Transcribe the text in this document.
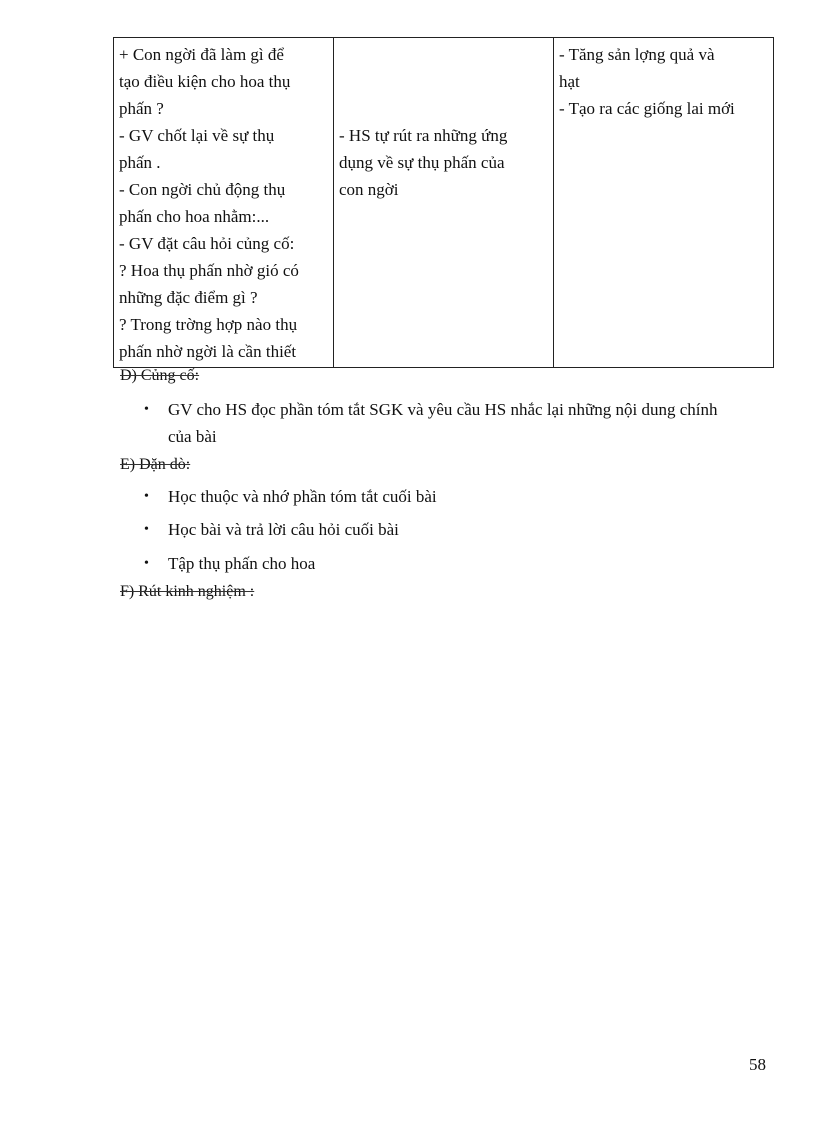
+ Con ngời đã làm gì để
tạo điều kiện cho hoa thụ
phấn ?
- GV chốt lại về sự thụ
phấn .
- Con ngời chủ động thụ
phấn cho hoa nhằm:...
- GV đặt câu hỏi củng cố:
? Hoa thụ phấn nhờ gió có
những đặc điểm gì ?
? Trong trờng hợp nào thụ
phấn nhờ ngời là cần thiết

- HS tự rút ra những ứng
dụng về sự thụ phấn của
con ngời

- Tăng sản lợng quả và
hạt
- Tạo ra các giống lai mới
D) Củng cố:
•	GV cho HS đọc phần tóm tắt SGK và yêu cầu HS nhắc lại những nội dung chính
của bài
E) Dặn dò:
•	Học thuộc và nhớ phần tóm tắt cuối bài
•	Học bài và trả lời câu hỏi cuối bài
•	Tập thụ phấn cho hoa
F) Rút kinh nghiệm :
58
